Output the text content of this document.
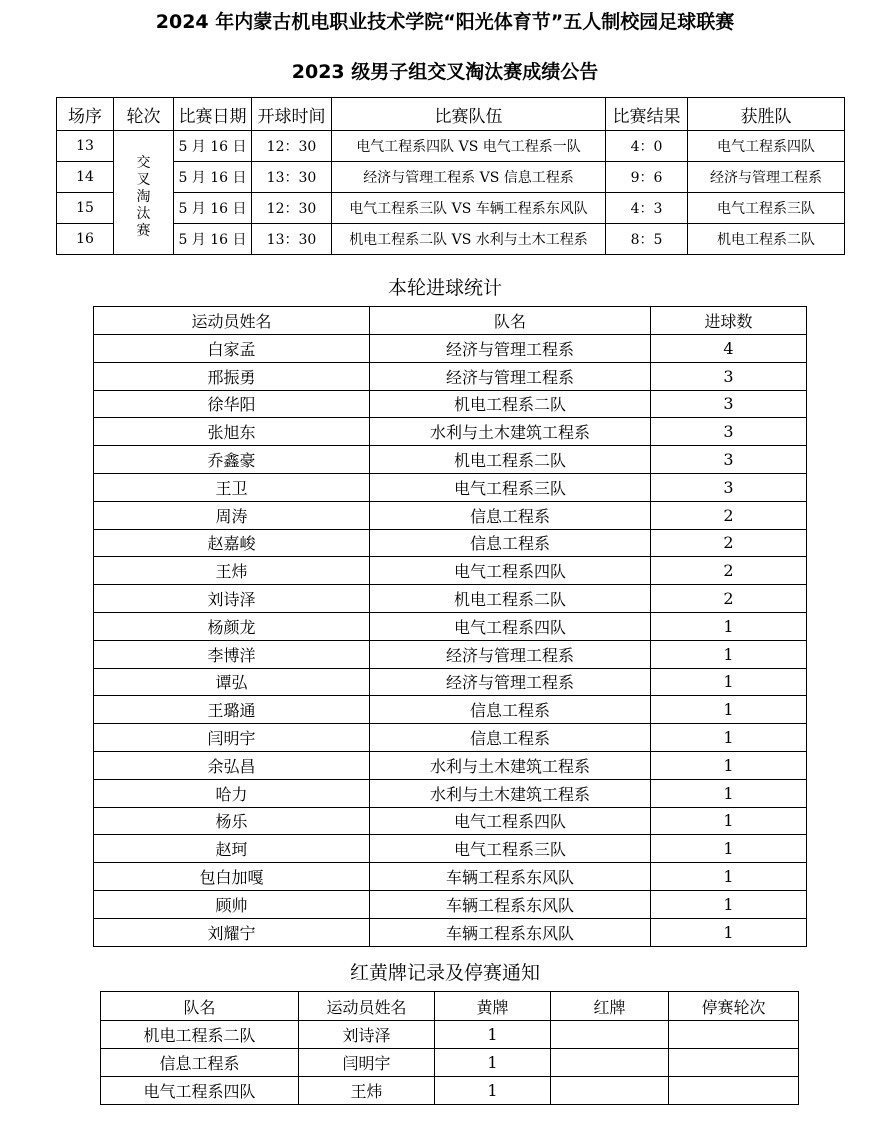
2024 年内蒙古机电职业技术学院“阳光体育节”五人制校园足球联赛
2023 级男子组交叉淘汰赛成绩公告
场序	轮次	比赛日期	开球时间	比赛队伍	比赛结果	获胜队
13	交叉淘汰赛	5 月 16 日	12：30	电气工程系四队 VS 电气工程系一队	4：0	电气工程系四队
14		5 月 16 日	13：30	经济与管理工程系 VS 信息工程系	9：6	经济与管理工程系
15		5 月 16 日	12：30	电气工程系三队 VS 车辆工程系东风队	4：3	电气工程系三队
16		5 月 16 日	13：30	机电工程系二队 VS 水利与土木工程系	8：5	机电工程系二队
本轮进球统计
运动员姓名	队名	进球数
白家孟	经济与管理工程系	4
邢振勇	经济与管理工程系	3
徐华阳	机电工程系二队	3
张旭东	水利与土木建筑工程系	3
乔鑫豪	机电工程系二队	3
王卫	电气工程系三队	3
周涛	信息工程系	2
赵嘉峻	信息工程系	2
王炜	电气工程系四队	2
刘诗泽	机电工程系二队	2
杨颜龙	电气工程系四队	1
李博洋	经济与管理工程系	1
谭弘	经济与管理工程系	1
王璐通	信息工程系	1
闫明宇	信息工程系	1
余弘昌	水利与土木建筑工程系	1
哈力	水利与土木建筑工程系	1
杨乐	电气工程系四队	1
赵珂	电气工程系三队	1
包白加嘎	车辆工程系东风队	1
顾帅	车辆工程系东风队	1
刘耀宁	车辆工程系东风队	1
红黄牌记录及停赛通知
队名	运动员姓名	黄牌	红牌	停赛轮次
机电工程系二队	刘诗泽	1		
信息工程系	闫明宇	1		
电气工程系四队	王炜	1		
